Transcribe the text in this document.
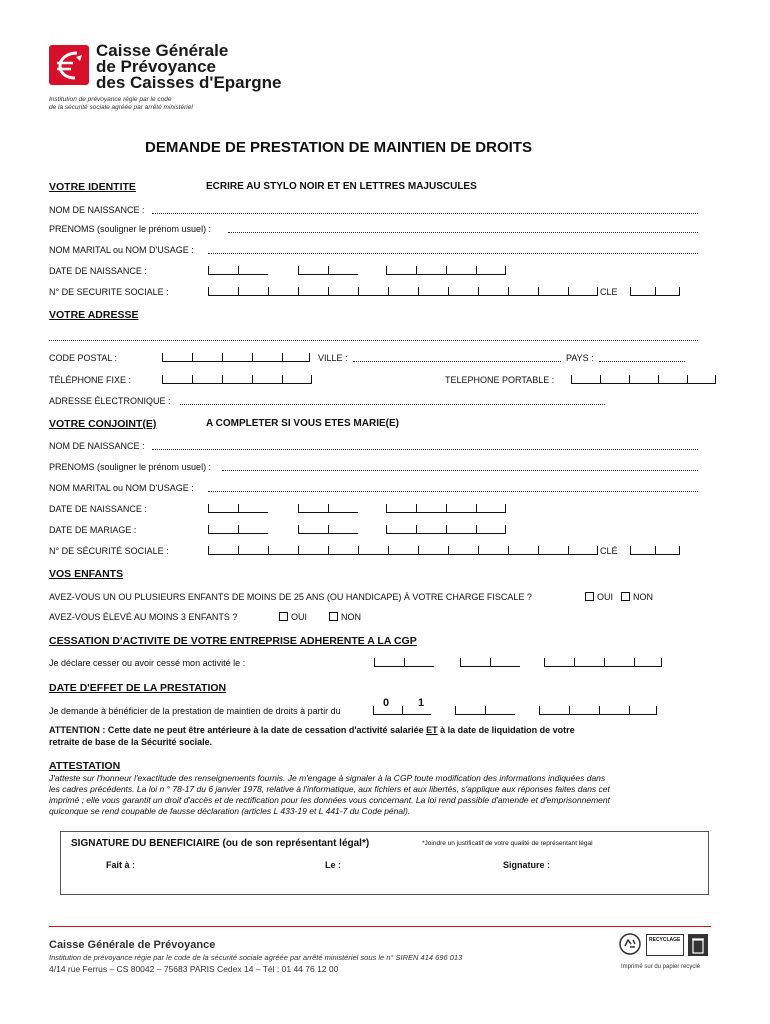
Caisse Générale
de Prévoyance
des Caisses d'Epargne
Institution de prévoyance régie par le code
de la sécurité sociale agréée par arrêté ministériel
DEMANDE DE PRESTATION DE MAINTIEN DE DROITS
VOTRE IDENTITE	ECRIRE AU STYLO NOIR ET EN LETTRES MAJUSCULES
NOM DE NAISSANCE :
PRENOMS (souligner le prénom usuel) :
NOM MARITAL ou NOM D'USAGE :
DATE DE NAISSANCE :
N° DE SECURITE SOCIALE :	CLE
VOTRE ADRESSE
CODE POSTAL :	VILLE :	PAYS :
TÉLÉPHONE FIXE :	TELEPHONE PORTABLE :
ADRESSE ÉLECTRONIQUE :
VOTRE CONJOINT(E)	A COMPLETER SI VOUS ETES MARIE(E)
NOM DE NAISSANCE :
PRENOMS (souligner le prénom usuel) :
NOM MARITAL ou NOM D'USAGE :
DATE DE NAISSANCE :
DATE DE MARIAGE :
N° DE SÉCURITÉ SOCIALE :	CLÉ
VOS ENFANTS
AVEZ-VOUS UN OU PLUSIEURS ENFANTS DE MOINS DE 25 ANS (OU HANDICAPE) À VOTRE CHARGE FISCALE ?	OUI	NON
AVEZ-VOUS ÉLEVÉ AU MOINS 3 ENFANTS ?	OUI	NON
CESSATION D'ACTIVITE DE VOTRE ENTREPRISE ADHERENTE A LA CGP
Je déclare cesser ou avoir cessé mon activité le :
DATE D'EFFET DE LA PRESTATION
Je demande à bénéficier de la prestation de maintien de droits à partir du
0	1
ATTENTION : Cette date ne peut être antérieure à la date de cessation d'activité salariée ET à la date de liquidation de votre
retraite de base de la Sécurité sociale.
ATTESTATION
J'atteste sur l'honneur l'exactitude des renseignements fournis. Je m'engage à signaler à la CGP toute modification des informations indiquées dans
les cadres précédents. La loi n ° 78-17 du 6 janvier 1978, relative à l'informatique, aux fichiers et aux libertés, s'applique aux réponses faites dans cet
imprimé ; elle vous garantit un droit d'accès et de rectification pour les données vous concernant. La loi rend passible d'amende et d'emprisonnement
quiconque se rend coupable de fausse déclaration (articles L 433-19 et L 441-7 du Code pénal).
SIGNATURE DU BENEFICIAIRE (ou de son représentant légal*)	*Joindre un justificatif de votre qualité de représentant légal
Fait à :	Le :	Signature :
Caisse Générale de Prévoyance
Institution de prévoyance régie par le code de la sécurité sociale agréée par arrêté ministériel sous le n° SIREN 414 696 013
4/14 rue Ferrus – CS 80042 – 75683 PARIS Cedex 14 – Tél : 01 44 76 12 00
RECYCLAGE
Imprimé sur du papier recyclé
